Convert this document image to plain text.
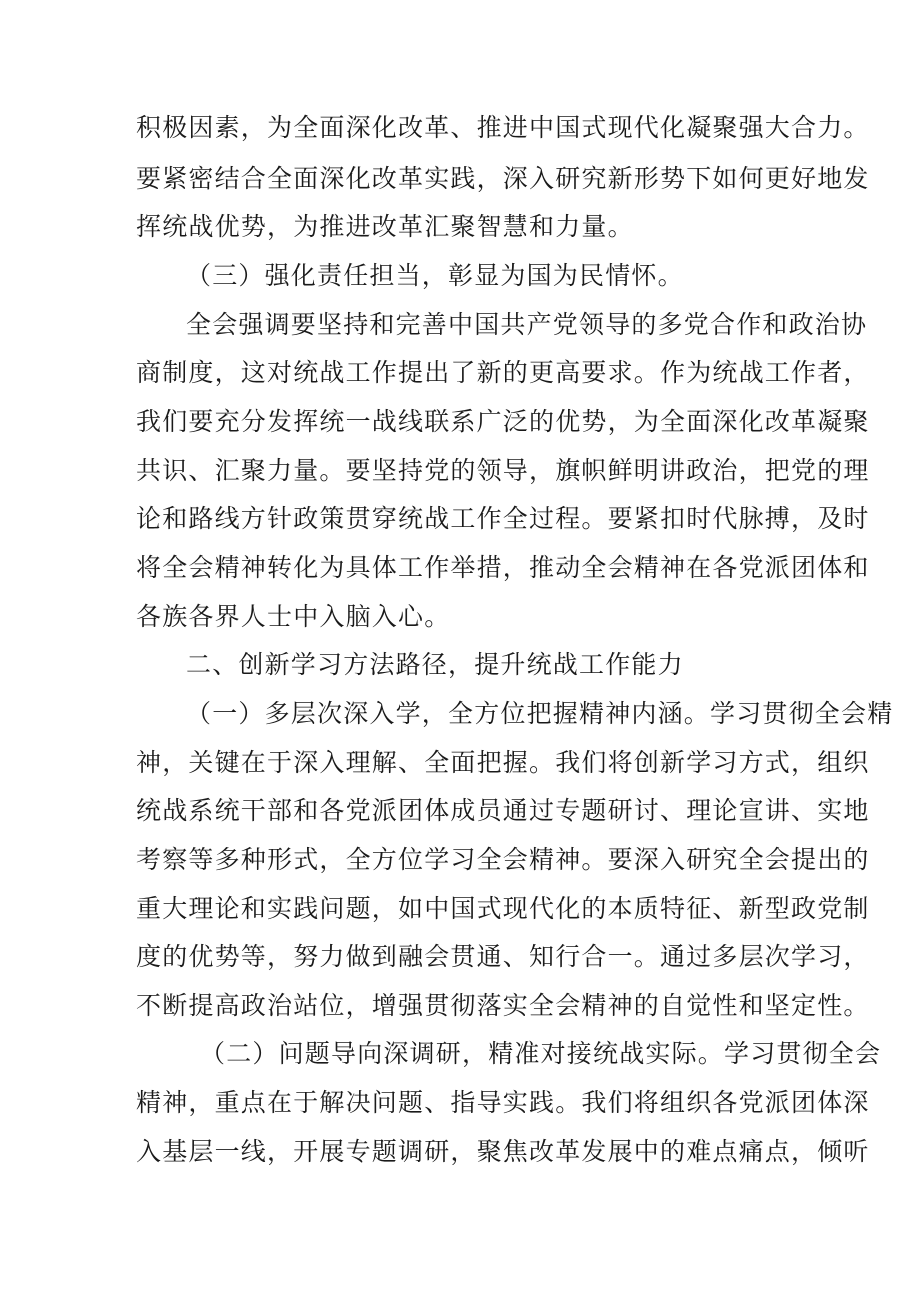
积极因素，为全面深化改革、推进中国式现代化凝聚强大合力。

要紧密结合全面深化改革实践，深入研究新形势下如何更好地发

挥统战优势，为推进改革汇聚智慧和力量。

（三）强化责任担当，彰显为国为民情怀。

全会强调要坚持和完善中国共产党领导的多党合作和政治协

商制度，这对统战工作提出了新的更高要求。作为统战工作者，

我们要充分发挥统一战线联系广泛的优势，为全面深化改革凝聚

共识、汇聚力量。要坚持党的领导，旗帜鲜明讲政治，把党的理

论和路线方针政策贯穿统战工作全过程。要紧扣时代脉搏，及时

将全会精神转化为具体工作举措，推动全会精神在各党派团体和

各族各界人士中入脑入心。

二、创新学习方法路径，提升统战工作能力

（一）多层次深入学，全方位把握精神内涵。学习贯彻全会精

神，关键在于深入理解、全面把握。我们将创新学习方式，组织

统战系统干部和各党派团体成员通过专题研讨、理论宣讲、实地

考察等多种形式，全方位学习全会精神。要深入研究全会提出的

重大理论和实践问题，如中国式现代化的本质特征、新型政党制

度的优势等，努力做到融会贯通、知行合一。通过多层次学习，

不断提高政治站位，增强贯彻落实全会精神的自觉性和坚定性。

（二）问题导向深调研，精准对接统战实际。学习贯彻全会

精神，重点在于解决问题、指导实践。我们将组织各党派团体深

入基层一线，开展专题调研，聚焦改革发展中的难点痛点，倾听
